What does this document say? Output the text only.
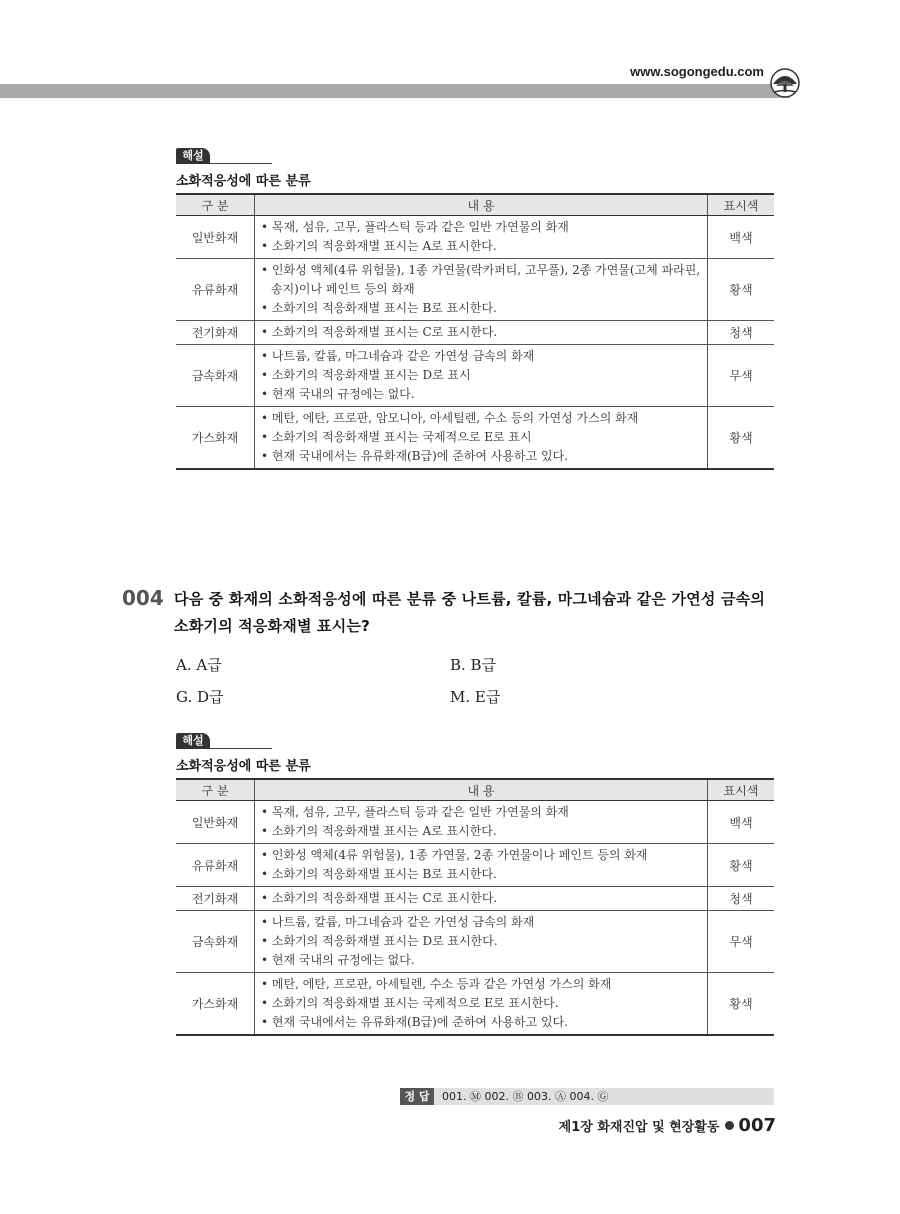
www.sogongedu.com
해설
소화적응성에 따른 분류
구 분	내 용	표시색
일반화재	• 목재, 섬유, 고무, 플라스틱 등과 같은 일반 가연물의 화재
• 소화기의 적응화재별 표시는 A로 표시한다.	백색
유류화재	• 인화성 액체(4류 위험물), 1종 가연물(락카퍼티, 고무풀), 2종 가연물(고체 파라핀, 송지)이나 페인트 등의 화재
• 소화기의 적응화재별 표시는 B로 표시한다.	황색
전기화재	• 소화기의 적응화재별 표시는 C로 표시한다.	청색
금속화재	• 나트륨, 칼륨, 마그네슘과 같은 가연성 금속의 화재
• 소화기의 적응화재별 표시는 D로 표시
• 현재 국내의 규정에는 없다.	무색
가스화재	• 메탄, 에탄, 프로판, 암모니아, 아세틸렌, 수소 등의 가연성 가스의 화재
• 소화기의 적응화재별 표시는 국제적으로 E로 표시
• 현재 국내에서는 유류화재(B급)에 준하여 사용하고 있다.	황색
004 다음 중 화재의 소화적응성에 따른 분류 중 나트륨, 칼륨, 마그네슘과 같은 가연성 금속의 소화기의 적응화재별 표시는?
A. A급	B. B급
G. D급	M. E급
해설
소화적응성에 따른 분류
구 분	내 용	표시색
일반화재	• 목재, 섬유, 고무, 플라스틱 등과 같은 일반 가연물의 화재
• 소화기의 적응화재별 표시는 A로 표시한다.	백색
유류화재	• 인화성 액체(4류 위험물), 1종 가연물, 2종 가연물이나 페인트 등의 화재
• 소화기의 적응화재별 표시는 B로 표시한다.	황색
전기화재	• 소화기의 적응화재별 표시는 C로 표시한다.	청색
금속화재	• 나트륨, 칼륨, 마그네슘과 같은 가연성 금속의 화재
• 소화기의 적응화재별 표시는 D로 표시한다.
• 현재 국내의 규정에는 없다.	무색
가스화재	• 메탄, 에탄, 프로판, 아세틸렌, 수소 등과 같은 가연성 가스의 화재
• 소화기의 적응화재별 표시는 국제적으로 E로 표시한다.
• 현재 국내에서는 유류화재(B급)에 준하여 사용하고 있다.	황색
정 답	001. Ⓜ 002. Ⓑ 003. Ⓐ 004. Ⓖ
제1장 화재진압 및 현장활동 007
